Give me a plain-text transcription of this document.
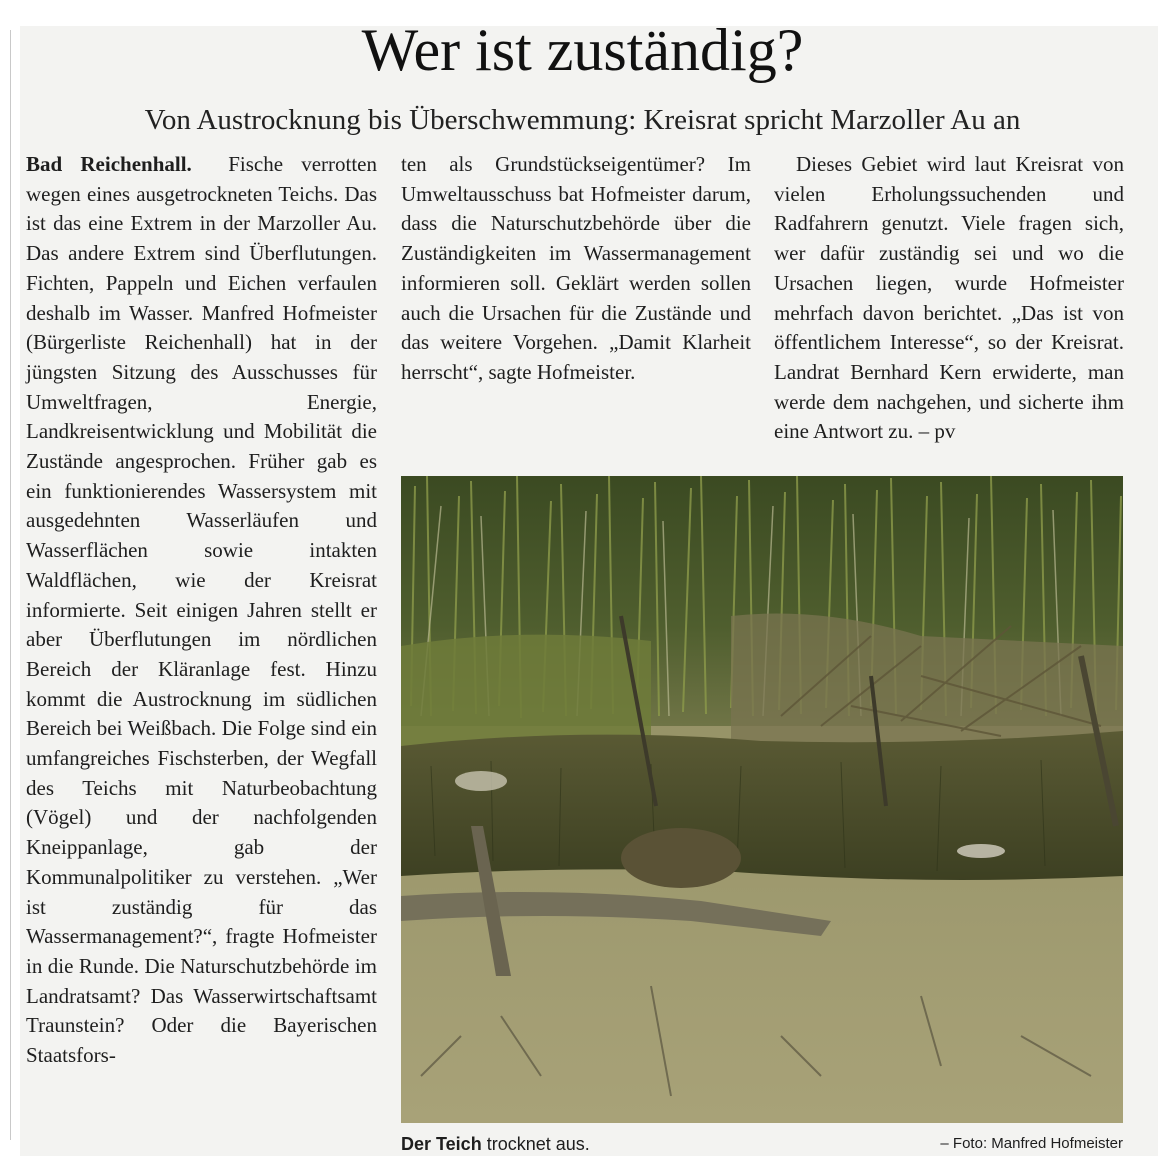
Wer ist zuständig?
Von Austrocknung bis Überschwemmung: Kreisrat spricht Marzoller Au an

Bad Reichenhall. Fische verrotten wegen eines ausgetrockneten Teichs. Das ist das eine Extrem in der Marzoller Au. Das andere Extrem sind Überflutungen. Fichten, Pappeln und Eichen verfaulen deshalb im Wasser. Manfred Hofmeister (Bürgerliste Reichenhall) hat in der jüngsten Sitzung des Ausschusses für Umweltfragen, Energie, Landkreisentwicklung und Mobilität die Zustände angesprochen. Früher gab es ein funktionierendes Wassersystem mit ausgedehnten Wasserläufen und Wasserflächen sowie intakten Waldflächen, wie der Kreisrat informierte. Seit einigen Jahren stellt er aber Überflutungen im nördlichen Bereich der Kläranlage fest. Hinzu kommt die Austrocknung im südlichen Bereich bei Weißbach. Die Folge sind ein umfangreiches Fischsterben, der Wegfall des Teichs mit Naturbeobachtung (Vögel) und der nachfolgenden Kneippanlage, gab der Kommunalpolitiker zu verstehen. „Wer ist zuständig für das Wassermanagement?“, fragte Hofmeister in die Runde. Die Naturschutzbehörde im Landratsamt? Das Wasserwirtschaftsamt Traunstein? Oder die Bayerischen Staatsfors-

ten als Grundstückseigentümer? Im Umweltausschuss bat Hofmeister darum, dass die Naturschutzbehörde über die Zuständigkeiten im Wassermanagement informieren soll. Geklärt werden sollen auch die Ursachen für die Zustände und das weitere Vorgehen. „Damit Klarheit herrscht“, sagte Hofmeister.

Dieses Gebiet wird laut Kreisrat von vielen Erholungssuchenden und Radfahrern genutzt. Viele fragen sich, wer dafür zuständig sei und wo die Ursachen liegen, wurde Hofmeister mehrfach davon berichtet. „Das ist von öffentlichem Interesse“, so der Kreisrat. Landrat Bernhard Kern erwiderte, man werde dem nachgehen, und sicherte ihm eine Antwort zu. – pv

Der Teich trocknet aus.	– Foto: Manfred Hofmeister
